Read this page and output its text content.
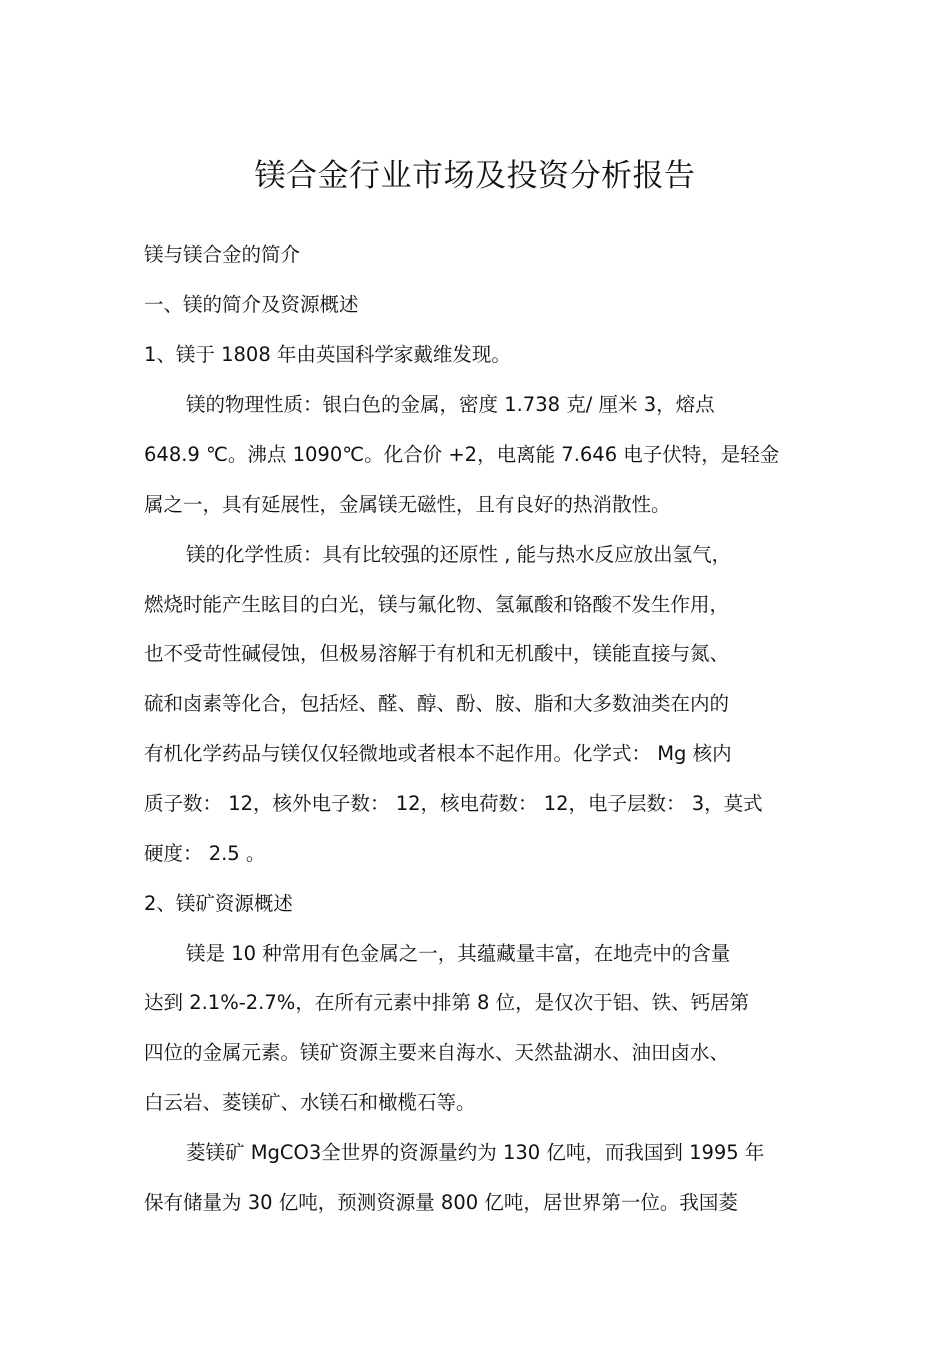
镁合金行业市场及投资分析报告

镁与镁合金的简介

一、镁的简介及资源概述

1、镁于 1808 年由英国科学家戴维发现。

镁的物理性质：银白色的金属，密度 1.738 克/ 厘米 3，熔点

648.9 ℃。沸点 1090℃。化合价 +2，电离能 7.646 电子伏特，是轻金

属之一，具有延展性，金属镁无磁性，且有良好的热消散性。

镁的化学性质：具有比较强的还原性 , 能与热水反应放出氢气，

燃烧时能产生眩目的白光，镁与氟化物、氢氟酸和铬酸不发生作用，

也不受苛性碱侵蚀，但极易溶解于有机和无机酸中，镁能直接与氮、

硫和卤素等化合，包括烃、醛、醇、酚、胺、脂和大多数油类在内的

有机化学药品与镁仅仅轻微地或者根本不起作用。化学式： Mg 核内

质子数： 12，核外电子数： 12，核电荷数： 12，电子层数： 3，莫式

硬度： 2.5 。

2、镁矿资源概述

镁是 10 种常用有色金属之一，其蕴藏量丰富，在地壳中的含量

达到 2.1%-2.7%，在所有元素中排第 8 位，是仅次于铝、铁、钙居第

四位的金属元素。镁矿资源主要来自海水、天然盐湖水、油田卤水、

白云岩、菱镁矿、水镁石和橄榄石等。

菱镁矿 MgCO3全世界的资源量约为 130 亿吨，而我国到 1995 年

保有储量为 30 亿吨，预测资源量 800 亿吨，居世界第一位。我国菱
